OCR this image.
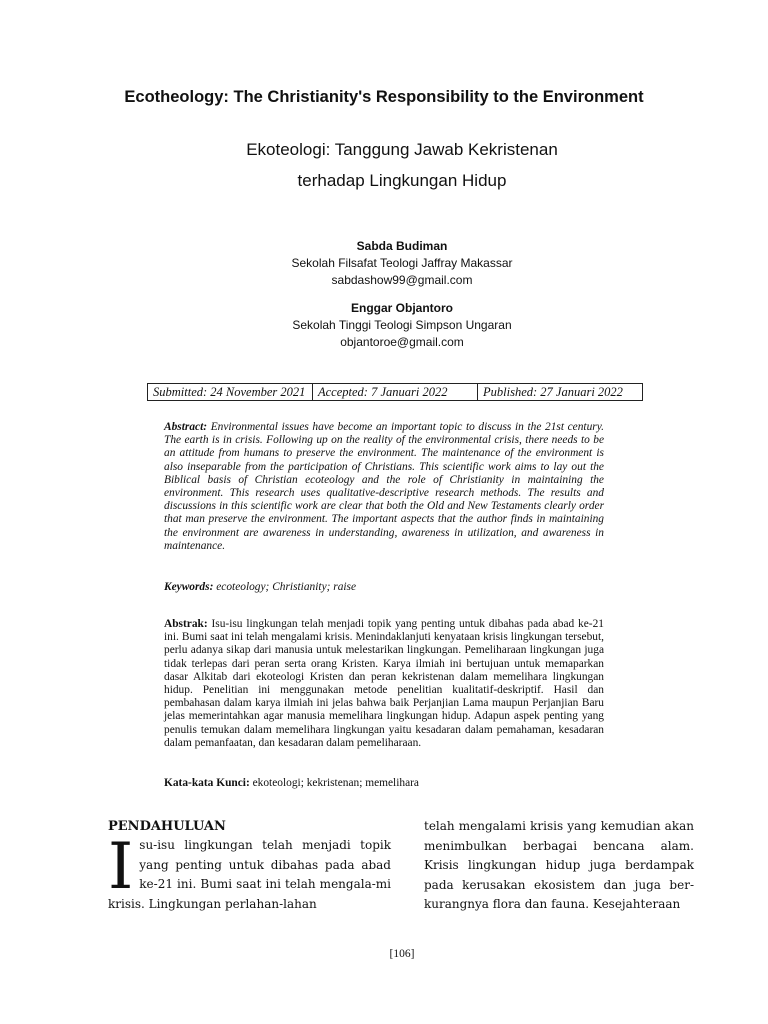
Ecotheology: The Christianity's Responsibility to the Environment
Ekoteologi: Tanggung Jawab Kekristenan
terhadap Lingkungan Hidup
Sabda Budiman
Sekolah Filsafat Teologi Jaffray Makassar
sabdashow99@gmail.com
Enggar Objantoro
Sekolah Tinggi Teologi Simpson Ungaran
objantoroe@gmail.com
Submitted: 24 November 2021	Accepted: 7 Januari 2022	Published: 27 Januari 2022
Abstract: Environmental issues have become an important topic to discuss in the 21st century. The earth is in crisis. Following up on the reality of the environmental crisis, there needs to be an attitude from humans to preserve the environment. The maintenance of the environment is also inseparable from the participation of Christians. This scientific work aims to lay out the Biblical basis of Christian ecoteology and the role of Christianity in maintaining the environment. This research uses qualitative-descriptive research methods. The results and discussions in this scientific work are clear that both the Old and New Testaments clearly order that man preserve the environment. The important aspects that the author finds in maintaining the environment are awareness in understanding, awareness in utilization, and awareness in maintenance.
Keywords: ecoteology; Christianity; raise
Abstrak: Isu-isu lingkungan telah menjadi topik yang penting untuk dibahas pada abad ke-21 ini. Bumi saat ini telah mengalami krisis. Menindaklanjuti kenyataan krisis lingkungan tersebut, perlu adanya sikap dari manusia untuk melestarikan lingkungan. Pemeliharaan lingkungan juga tidak terlepas dari peran serta orang Kristen. Karya ilmiah ini bertujuan untuk memaparkan dasar Alkitab dari ekoteologi Kristen dan peran kekristenan dalam memelihara lingkungan hidup. Penelitian ini menggunakan metode penelitian kualitatif-deskriptif. Hasil dan pembahasan dalam karya ilmiah ini jelas bahwa baik Perjanjian Lama maupun Perjanjian Baru jelas memerintahkan agar manusia memelihara lingkungan hidup. Adapun aspek penting yang penulis temukan dalam memelihara lingkungan yaitu kesadaran dalam pemahaman, kesadaran dalam pemanfaatan, dan kesadaran dalam pemeliharaan.
Kata-kata Kunci: ekoteologi; kekristenan; memelihara
PENDAHULUAN
I su-isu lingkungan telah menjadi topik yang penting untuk dibahas pada abad ke-21 ini. Bumi saat ini telah mengala-mi krisis. Lingkungan perlahan-lahan
telah mengalami krisis yang kemudian akan menimbulkan berbagai bencana alam. Krisis lingkungan hidup juga berdampak pada kerusakan ekosistem dan juga ber-kurangnya flora dan fauna. Kesejahteraan
[106]
